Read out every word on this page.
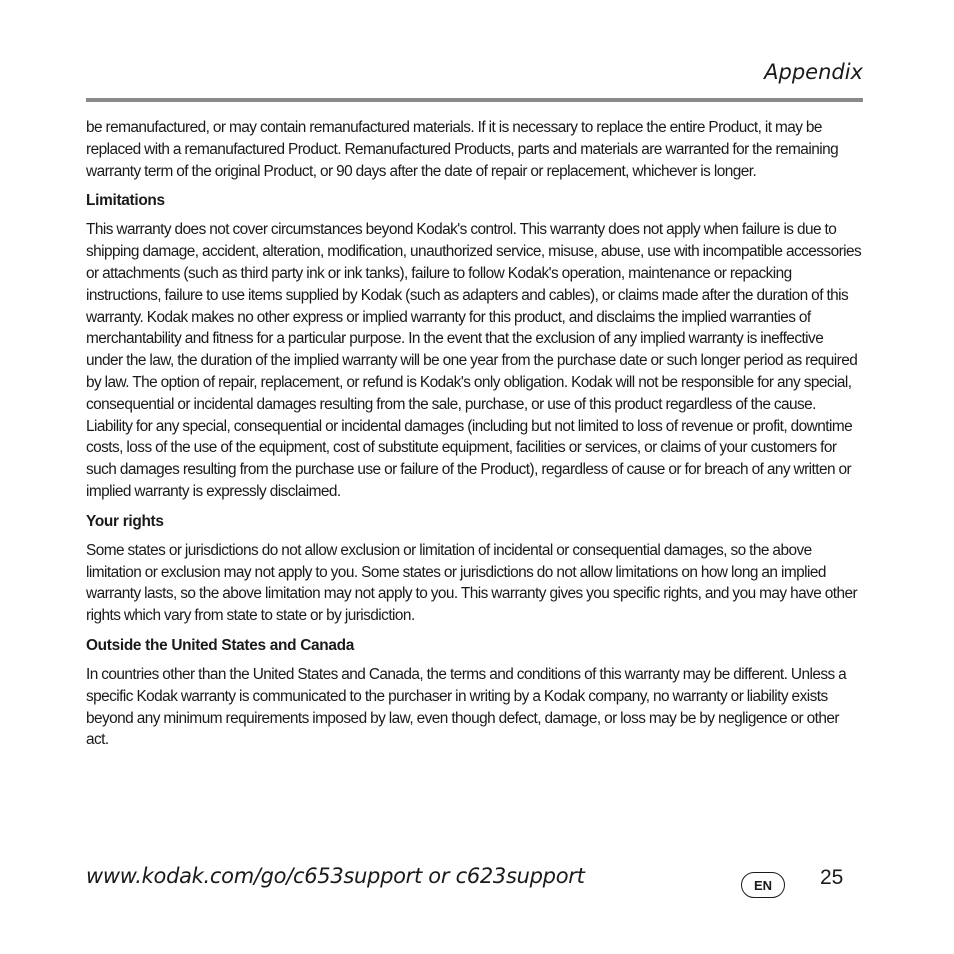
Appendix

be remanufactured, or may contain remanufactured materials. If it is necessary to replace the entire Product, it may be replaced with a remanufactured Product. Remanufactured Products, parts and materials are warranted for the remaining warranty term of the original Product, or 90 days after the date of repair or replacement, whichever is longer.

Limitations

This warranty does not cover circumstances beyond Kodak's control. This warranty does not apply when failure is due to shipping damage, accident, alteration, modification, unauthorized service, misuse, abuse, use with incompatible accessories or attachments (such as third party ink or ink tanks), failure to follow Kodak's operation, maintenance or repacking instructions, failure to use items supplied by Kodak (such as adapters and cables), or claims made after the duration of this warranty. Kodak makes no other express or implied warranty for this product, and disclaims the implied warranties of merchantability and fitness for a particular purpose. In the event that the exclusion of any implied warranty is ineffective under the law, the duration of the implied warranty will be one year from the purchase date or such longer period as required by law. The option of repair, replacement, or refund is Kodak's only obligation. Kodak will not be responsible for any special, consequential or incidental damages resulting from the sale, purchase, or use of this product regardless of the cause. Liability for any special, consequential or incidental damages (including but not limited to loss of revenue or profit, downtime costs, loss of the use of the equipment, cost of substitute equipment, facilities or services, or claims of your customers for such damages resulting from the purchase use or failure of the Product), regardless of cause or for breach of any written or implied warranty is expressly disclaimed.

Your rights

Some states or jurisdictions do not allow exclusion or limitation of incidental or consequential damages, so the above limitation or exclusion may not apply to you. Some states or jurisdictions do not allow limitations on how long an implied warranty lasts, so the above limitation may not apply to you. This warranty gives you specific rights, and you may have other rights which vary from state to state or by jurisdiction.

Outside the United States and Canada

In countries other than the United States and Canada, the terms and conditions of this warranty may be different. Unless a specific Kodak warranty is communicated to the purchaser in writing by a Kodak company, no warranty or liability exists beyond any minimum requirements imposed by law, even though defect, damage, or loss may be by negligence or other act.

www.kodak.com/go/c653support or c623support	EN	25
